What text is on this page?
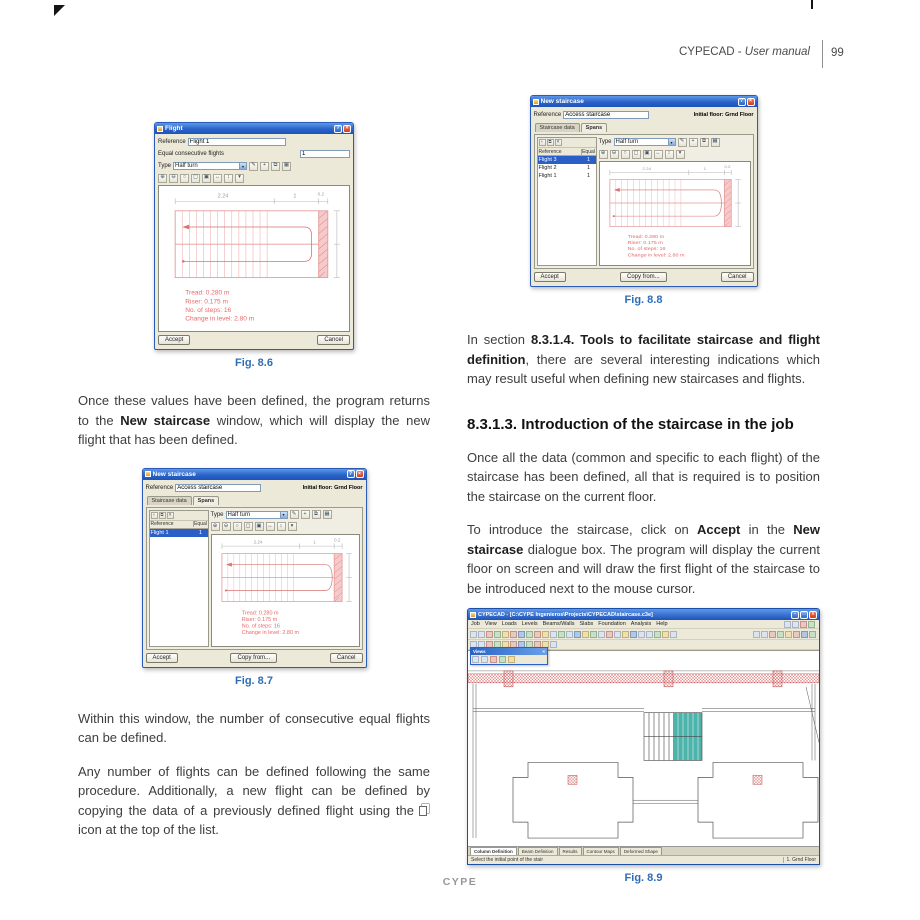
CYPECAD - User manual 99
Flight	?	×
Reference
Flight 1
Equal consecutive flights
1
Type Half turn	▾	✎	+	⧉	▦
⊕	⊖	○	◻	▣	↔	↕	▾
2.24	1	0.2
Tread: 0.280 m
Riser: 0.175 m
No. of steps: 16
Change in level: 2.80 m
Accept	Cancel
Fig. 8.6

Once these values have been defined, the program returns to the New staircase window, which will display the new flight that has been defined.

New staircase	?	×
Reference
Access staircase	Initial floor: Grnd Floor
Staircase data	Spans
+	⧉	✕
Reference	Equal
Flight 1	1
Type Half turn	▾	✎	+	⧉	▦
⊕	⊖	○	◻	▣	↔	↕	▾
2.24	1	0.2
Tread: 0.280 m
Riser: 0.175 m
No. of steps: 16
Change in level: 2.80 m
Accept	Copy from...	Cancel
Fig. 8.7

Within this window, the number of consecutive equal flights can be defined.

Any number of flights can be defined following the same procedure. Additionally, a new flight can be defined by copying the data of a previously defined flight using theicon at the top of the list.

New staircase	?	×
Reference
Access staircase	Initial floor: Grnd Floor
Staircase data	Spans
+	⧉	✕
Reference	Equal
Flight 3	1
Flight 2	1
Flight 1	1
Type Half turn	▾	✎	+	⧉	▦
⊕	⊖	○	◻	▣	↔	↕	▾
2.24	1	0.2
Tread: 0.280 m
Riser: 0.175 m
No. of steps: 16
Change in level: 2.80 m
Accept	Copy from...	Cancel
Fig. 8.8

In section 8.3.1.4. Tools to facilitate staircase and flight definition, there are several interesting indications which may result useful when defining new staircases and flights.

8.3.1.3. Introduction of the staircase in the job

Once all the data (common and specific to each flight) of the staircase has been defined, all that is required is to position the staircase on the current floor.

To introduce the staircase, click on Accept in the New staircase dialogue box. The program will display the current floor on screen and will draw the first flight of the staircase to be introduced next to the mouse cursor.

CYPECAD - [C:\CYPE Ingenieros\Projects\CYPECAD\staircase.c3e]	–	□	×
Job View Loads Levels Beams/Walls Slabs Foundation Analysis Help
Views	×
Column Definition	Beam Definition	Results	Contour Maps	Deformed Shape
Select the initial point of the stair	1. Grnd Floor
Fig. 8.9
CYPE
